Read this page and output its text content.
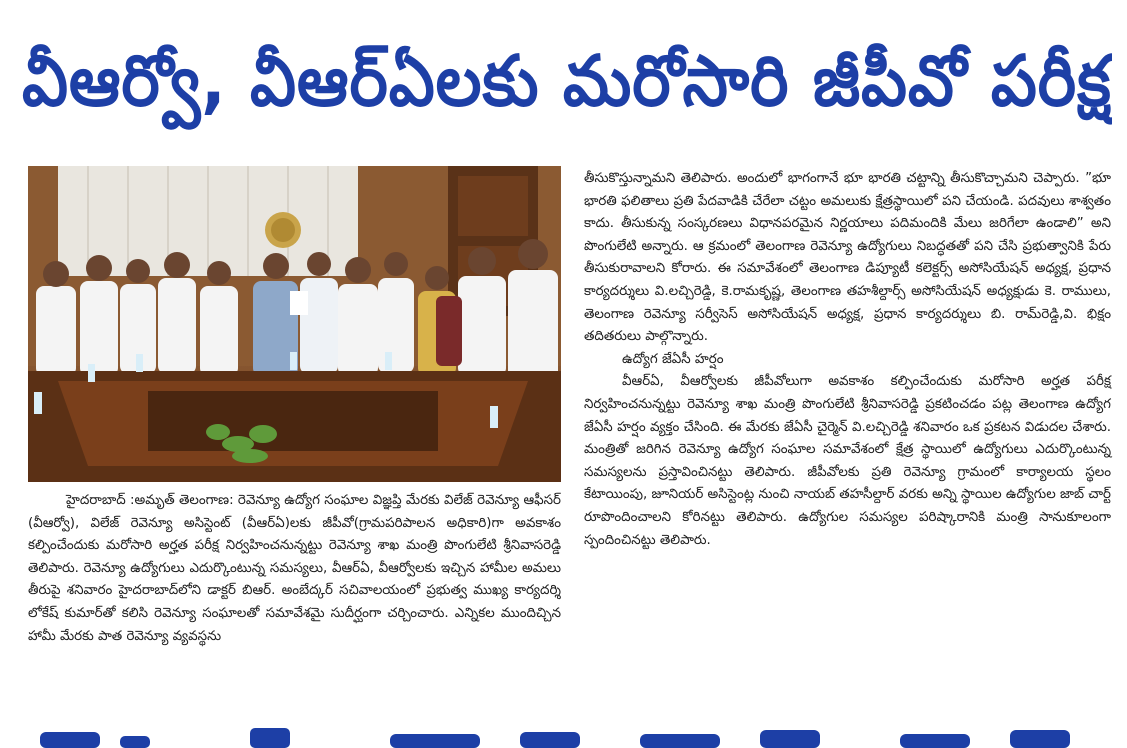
వీఆర్వో, వీఆర్ఏలకు మరోసారి జీపీవో పరీక్ష

హైదరాబాద్ :అమృత్ తెలంగాణ: రెవెన్యూ ఉద్యోగ సంఘాల విజ్ఞప్తి మేరకు విలేజ్ రెవెన్యూ ఆఫీసర్ (వీఆర్వో), విలేజ్ రెవెన్యూ అసిస్టెంట్ (వీఆర్ఏ)లకు జీపీవో(గ్రామపరిపాలన అధికారి)గా అవకాశం కల్పించేందుకు మరోసారి అర్హత పరీక్ష నిర్వహించనున్నట్టు రెవెన్యూ శాఖ మంత్రి పొంగులేటి శ్రీనివాసరెడ్డి తెలిపారు. రెవెన్యూ ఉద్యోగులు ఎదుర్కొంటున్న సమస్యలు, వీఆర్ఏ, వీఆర్వోలకు ఇచ్చిన హామీల అమలు తీరుపై శనివారం హైదరాబాద్‌లోని డాక్టర్ బిఆర్. అంబేద్కర్ సచివాలయంలో ప్రభుత్వ ముఖ్య కార్యదర్శి లోకేష్ కుమార్‌తో కలిసి రెవెన్యూ సంఘాలతో సమావేశమై సుదీర్ఘంగా చర్చించారు. ఎన్నికల ముందిచ్చిన హామీ మేరకు పాత రెవెన్యూ వ్యవస్థను

తీసుకొస్తున్నామని తెలిపారు. అందులో భాగంగానే భూ భారతి చట్టాన్ని తీసుకొచ్చామని చెప్పారు. ”భూ భారతి ఫలితాలు ప్రతి పేదవాడికి చేరేలా చట్టం అమలుకు క్షేత్రస్థాయిలో పని చేయండి. పదవులు శాశ్వతం కాదు. తీసుకున్న సంస్కరణలు విధానపరమైన నిర్ణయాలు పదిమందికి మేలు జరిగేలా ఉండాలి” అని పొంగులేటి అన్నారు. ఆ క్రమంలో తెలంగాణ రెవెన్యూ ఉద్యోగులు నిబద్ధతతో పని చేసి ప్రభుత్వానికి పేరు తీసుకురావాలని కోరారు. ఈ సమావేశంలో తెలంగాణ డిప్యూటీ కలెక్టర్స్ అసోసియేషన్ అధ్యక్ష, ప్రధాన కార్యదర్శులు వి.లచ్చిరెడ్డి, కె.రామకృష్ణ, తెలంగాణ తహశీల్దార్స్ అసోసియేషన్ అధ్యక్షుడు కె. రాములు, తెలంగాణ రెవెన్యూ సర్వీసెస్ అసోసియేషన్ అధ్యక్ష, ప్రధాన కార్యదర్శులు బి. రామ్‌రెడ్డి,వి. భిక్షం తదితరులు పాల్గొన్నారు.

ఉద్యోగ జేఏసీ హర్షం

వీఆర్ఏ, వీఆర్వోలకు జీపీవోలుగా అవకాశం కల్పించేందుకు మరోసారి అర్హత పరీక్ష నిర్వహించనున్నట్టు రెవెన్యూ శాఖ మంత్రి పొంగులేటి శ్రీనివాసరెడ్డి ప్రకటించడం పట్ల తెలంగాణ ఉద్యోగ జేఏసీ హర్షం వ్యక్తం చేసింది. ఈ మేరకు జేఏసీ చైర్మెన్ వి.లచ్చిరెడ్డి శనివారం ఒక ప్రకటన విడుదల చేశారు. మంత్రితో జరిగిన రెవెన్యూ ఉద్యోగ సంఘాల సమావేశంలో క్షేత్ర స్థాయిలో ఉద్యోగులు ఎదుర్కొంటున్న సమస్యలను ప్రస్తావించినట్టు తెలిపారు. జీపీవోలకు ప్రతి రెవెన్యూ గ్రామంలో కార్యాలయ స్థలం కేటాయింపు, జూనియర్ అసిస్టెంట్ల నుంచి నాయబ్ తహసీల్దార్ వరకు అన్ని స్థాయిల ఉద్యోగుల జాబ్ చార్ట్ రూపొందించాలని కోరినట్టు తెలిపారు. ఉద్యోగుల సమస్యల పరిష్కారానికి మంత్రి సానుకూలంగా స్పందించినట్టు తెలిపారు.
